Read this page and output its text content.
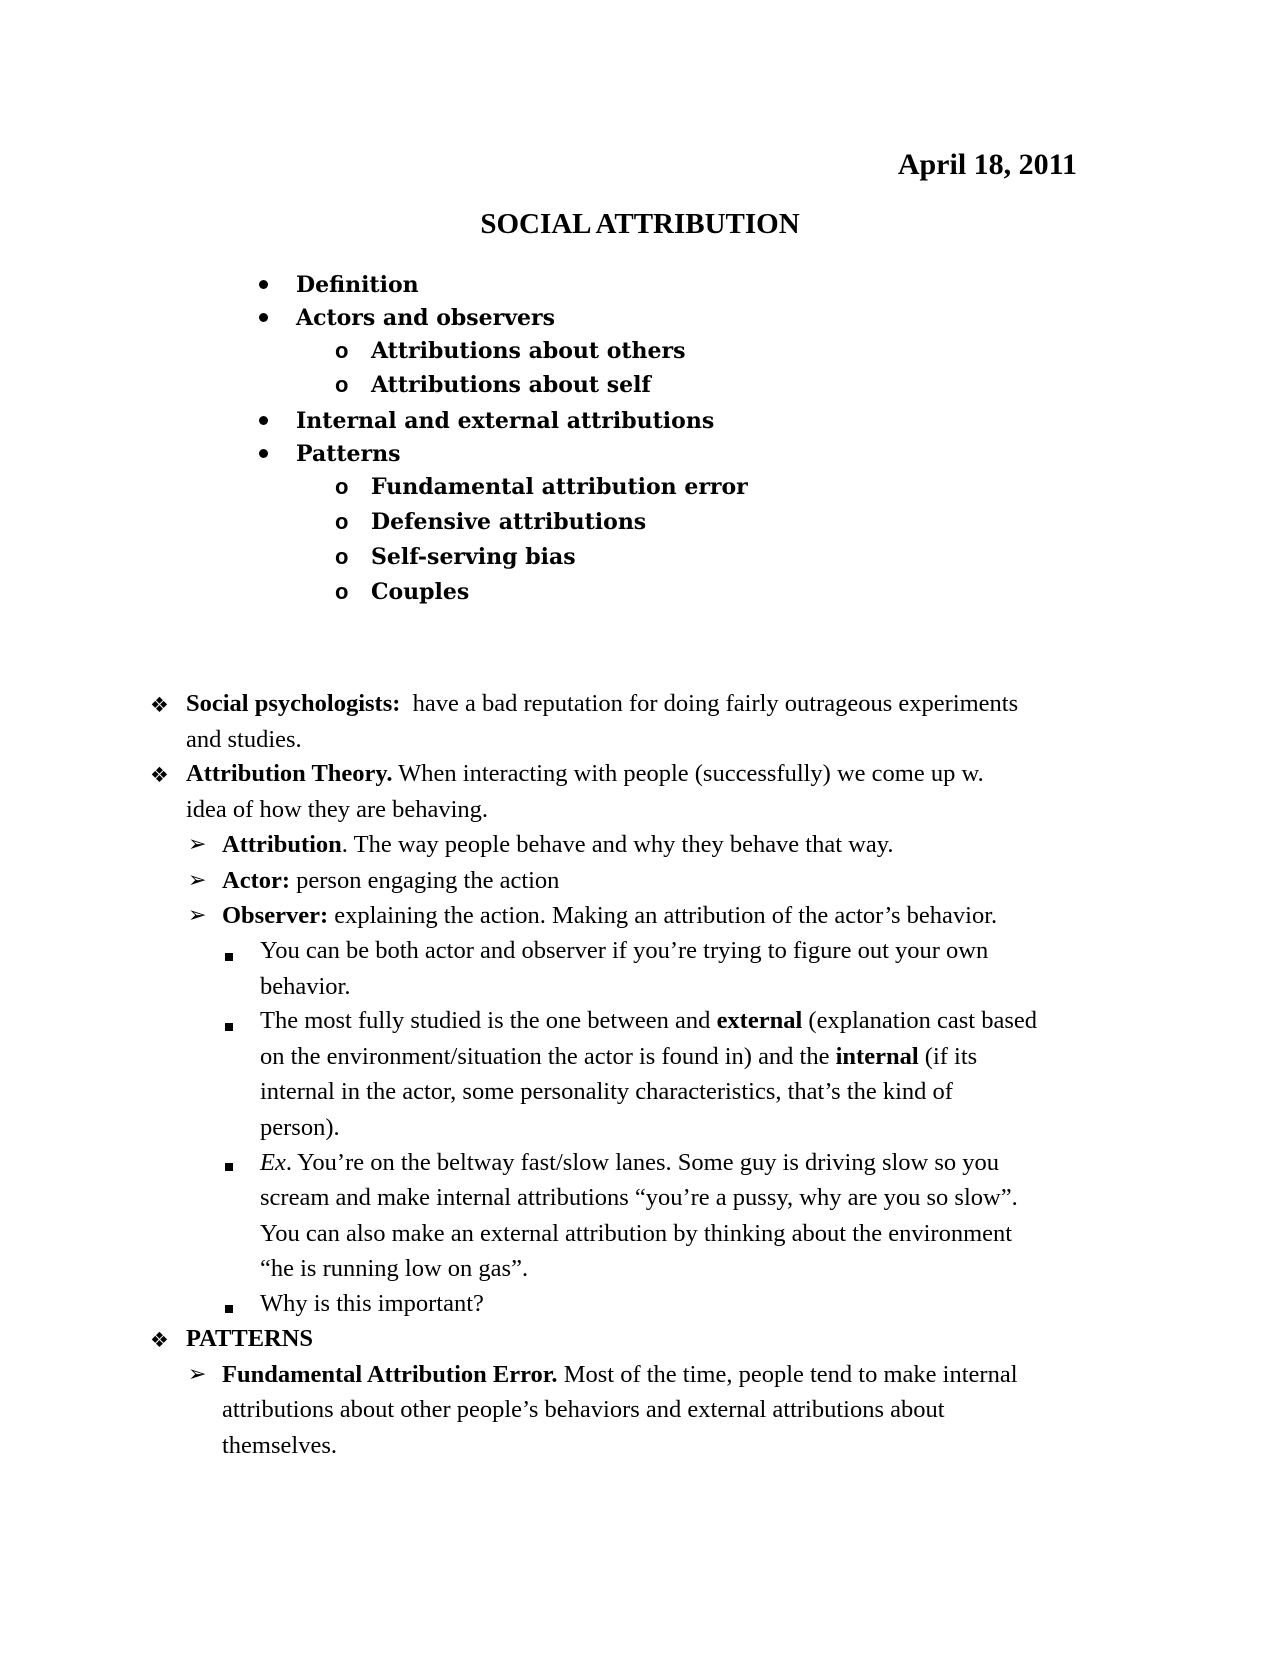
April 18, 2011
SOCIAL ATTRIBUTION
Definition
Actors and observers
o Attributions about others
o Attributions about self
Internal and external attributions
Patterns
o Fundamental attribution error
o Defensive attributions
o Self-serving bias
o Couples
❖ Social psychologists: have a bad reputation for doing fairly outrageous experiments
and studies.
❖ Attribution Theory. When interacting with people (successfully) we come up w.
idea of how they are behaving.
➢ Attribution. The way people behave and why they behave that way.
➢ Actor: person engaging the action
➢ Observer: explaining the action. Making an attribution of the actor’s behavior.
You can be both actor and observer if you’re trying to figure out your own
behavior.
The most fully studied is the one between and external (explanation cast based
on the environment/situation the actor is found in) and the internal (if its
internal in the actor, some personality characteristics, that’s the kind of
person).
Ex. You’re on the beltway fast/slow lanes. Some guy is driving slow so you
scream and make internal attributions “you’re a pussy, why are you so slow”.
You can also make an external attribution by thinking about the environment
“he is running low on gas”.
Why is this important?
❖ PATTERNS
➢ Fundamental Attribution Error. Most of the time, people tend to make internal
attributions about other people’s behaviors and external attributions about
themselves.
